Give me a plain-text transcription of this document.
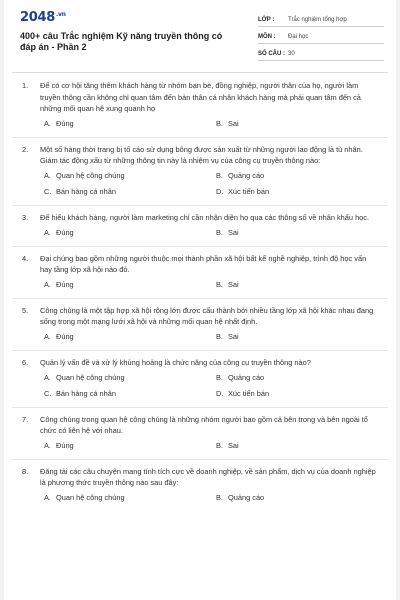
$2048^{.vn}$
400+ câu Trắc nghiệm Kỹ năng truyền thông có đáp án - Phần 2
LỚP :	Trắc nghiệm tổng hợp
MÔN :	Đại học
SỐ CÂU : 30
1. Để có cơ hội tăng thêm khách hàng từ nhóm bạn bè, đồng nghiệp, người thân của họ, người làm truyền thông cần không chỉ quan tâm đến bản thân cá nhân khách hàng mà phải quan tâm đến cả những mối quan hệ xung quanh họ

A. Đúng	B. Sai
2. Một số hàng thời trang bị tố cáo sử dụng bông được sản xuất từ những người lao động là tù nhân. Giám tác động xấu từ những thông tin này là nhiệm vụ của công cụ truyền thông nào:

A. Quan hệ công chúng	B. Quảng cáo
C. Bán hàng cá nhân	D. Xúc tiến bán
3. Để hiểu khách hàng, người làm marketing chỉ cần nhận diện họ qua các thông số về nhân khẩu học.

A. Đúng	B. Sai
4. Đại chúng bao gồm những người thuộc mọi thành phần xã hội bất kể nghề nghiệp, trình độ học vấn hay tầng lớp xã hội nào đó.

A. Đúng	B. Sai
5. Công chúng là một tập hợp xã hội rộng lớn được cấu thành bởi nhiều tầng lớp xã hội khác nhau đang sống trong một mạng lưới xã hội và những mối quan hệ nhất định.

A. Đúng	B. Sai
6. Quản lý vấn đề và xử lý khủng hoảng là chức năng của công cụ truyền thông nào?

A. Quan hệ công chúng	B. Quảng cáo
C. Bán hàng cá nhân	D. Xúc tiến bán
7. Công chúng trong quan hệ công chúng là những nhóm người bao gồm cả bên trong và bên ngoài tổ chức có liên hệ với nhau.

A. Đúng	B. Sai
8. Đăng tải các câu chuyện mang tính tích cực về doanh nghiệp, về sản phẩm, dịch vụ của doanh nghiệp là phương thức truyền thông nào sau đây:

A. Quan hệ công chúng	B. Quảng cáo
